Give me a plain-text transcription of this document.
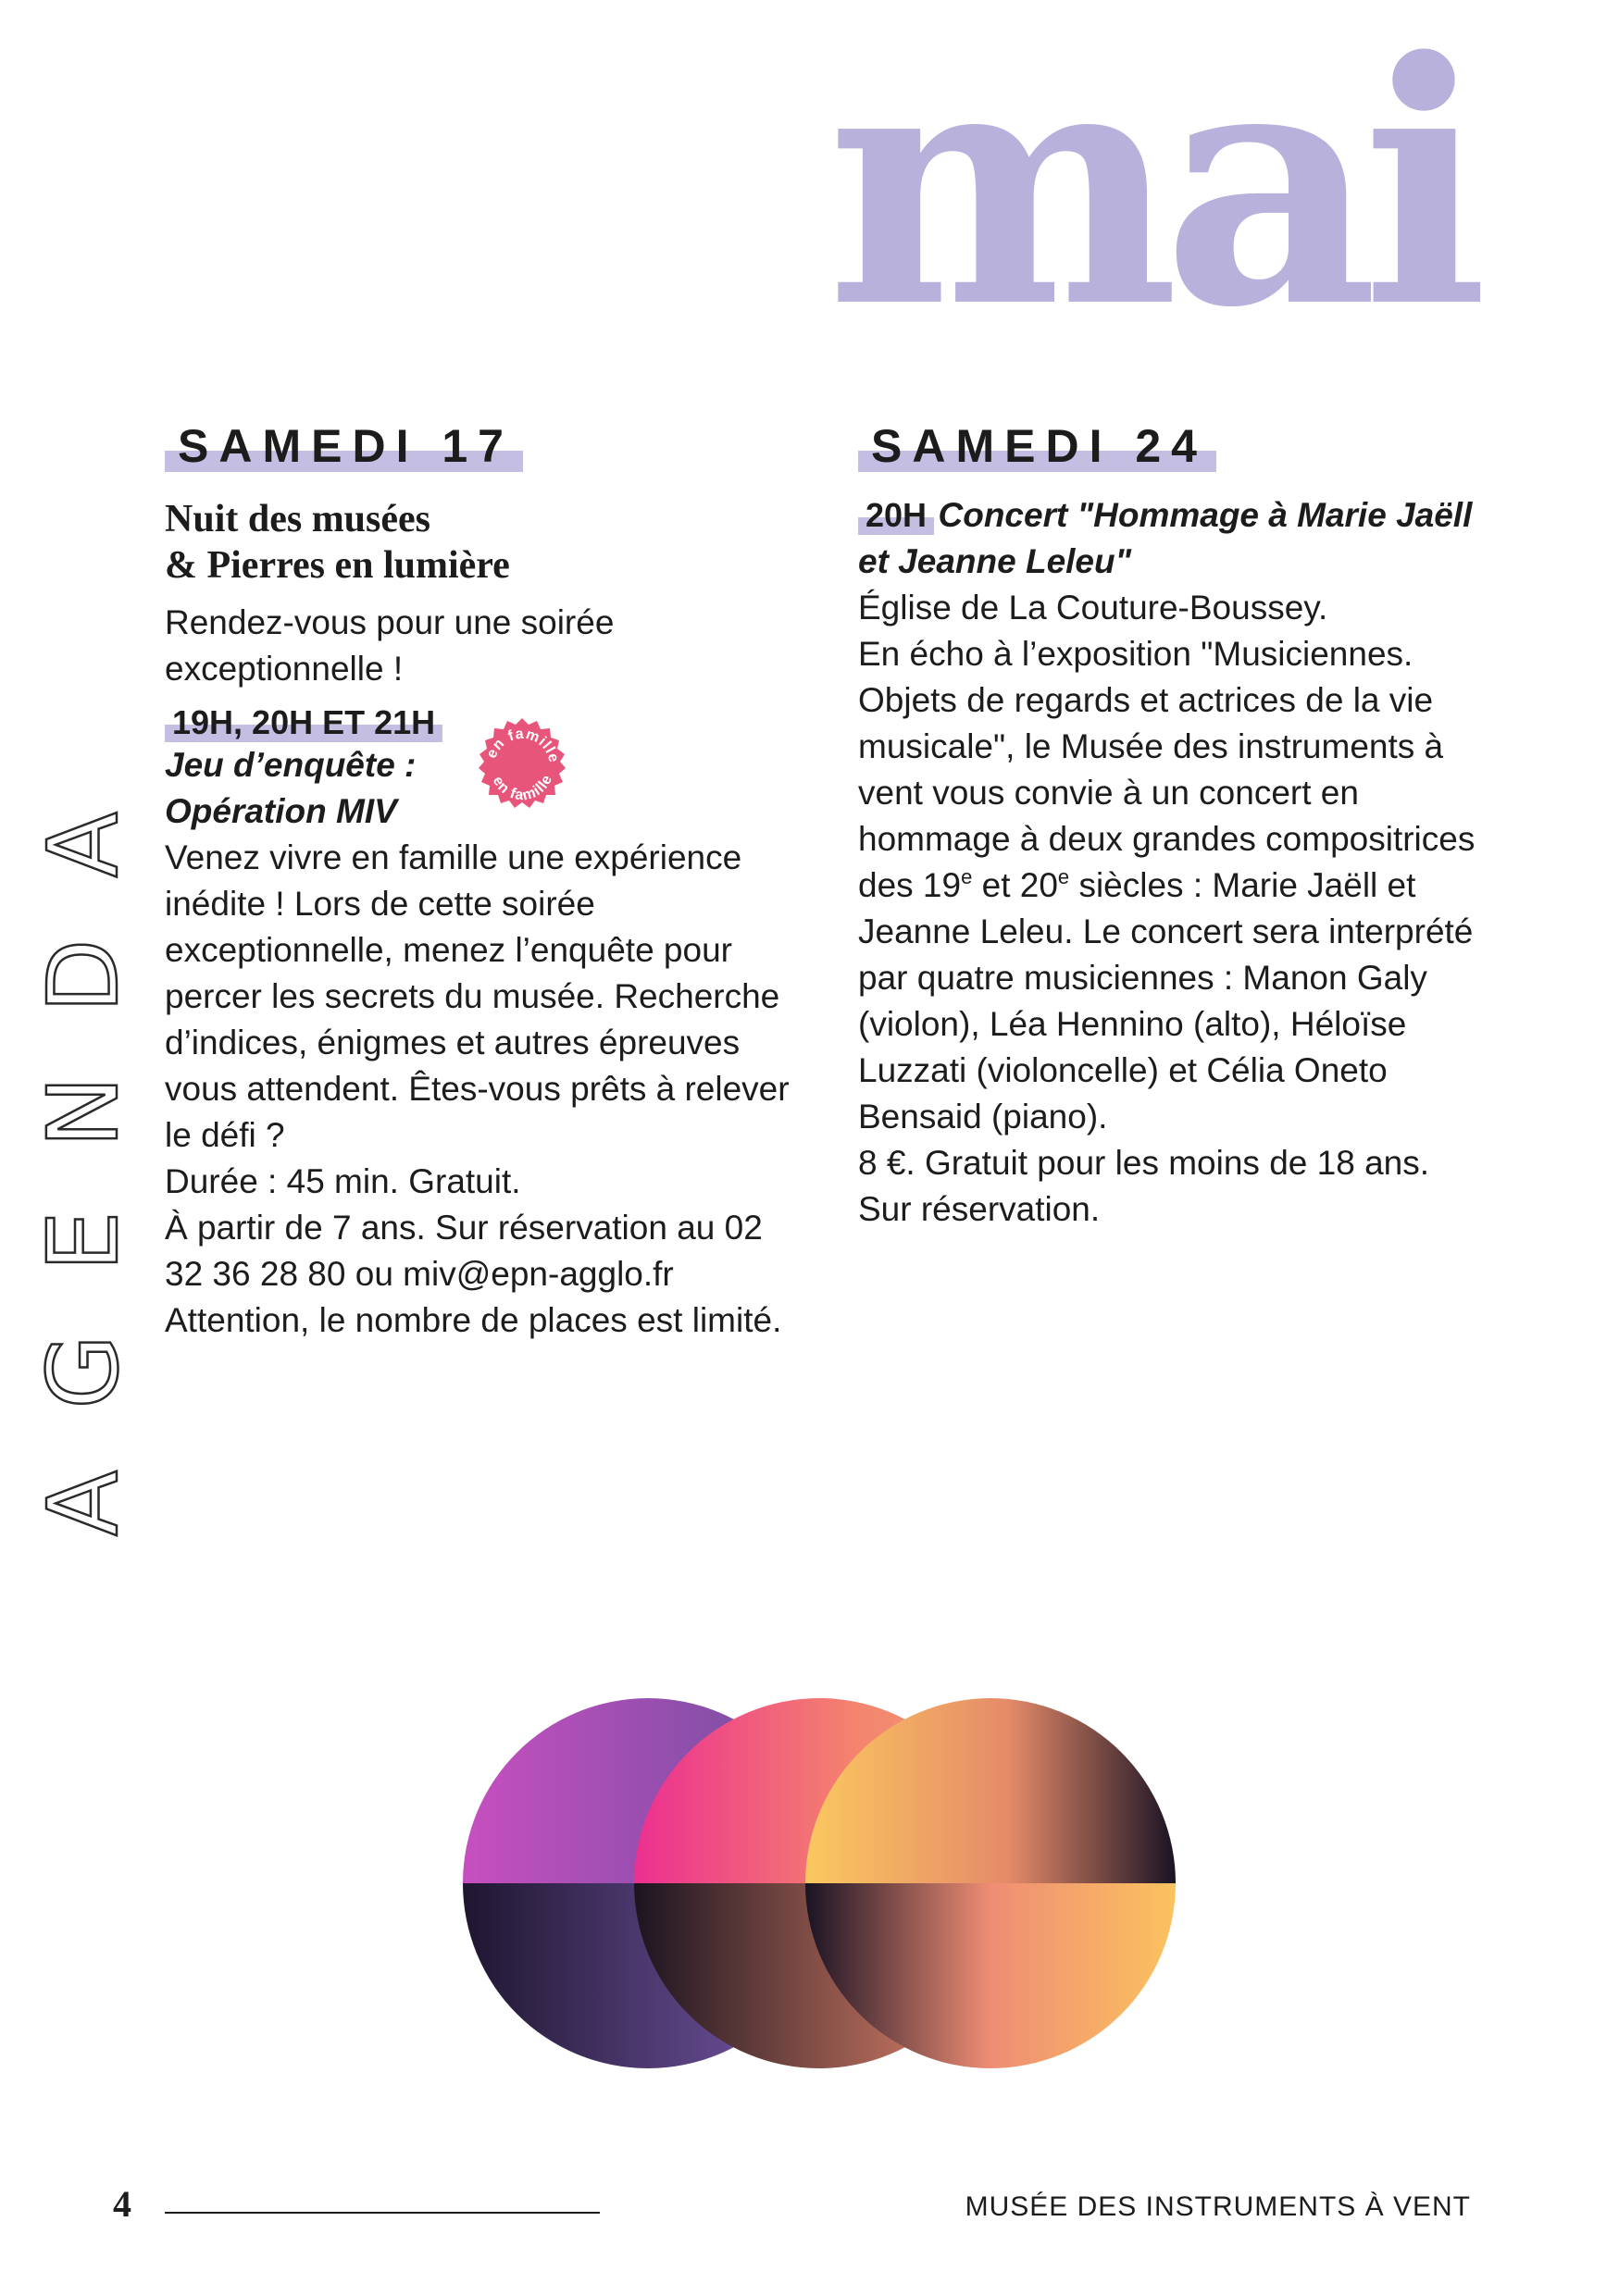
mai
AGENDA
SAMEDI 17
Nuit des musées
& Pierres en lumière
Rendez-vous pour une soirée exceptionnelle !
19H, 20H ET 21H
en famille
en famille
Jeu d’enquête :
Opération MIV
Venez vivre en famille une expérience inédite ! Lors de cette soirée exceptionnelle, menez l’enquête pour percer les secrets du musée. Recherche d’indices, énigmes et autres épreuves vous attendent. Êtes-vous prêts à relever le défi ?
Durée : 45 min. Gratuit.
À partir de 7 ans. Sur réservation au 02 32 36 28 80 ou miv@epn-agglo.fr
Attention, le nombre de places est limité.
SAMEDI 24
20H Concert "Hommage à Marie Jaëll et Jeanne Leleu"
Église de La Couture-Boussey.
En écho à l’exposition "Musiciennes. Objets de regards et actrices de la vie musicale", le Musée des instruments à vent vous convie à un concert en hommage à deux grandes compositrices des 19e et 20e siècles : Marie Jaëll et Jeanne Leleu. Le concert sera interprété par quatre musiciennes : Manon Galy (violon), Léa Hennino (alto), Héloïse Luzzati (violoncelle) et Célia Oneto Bensaid (piano).
8 €. Gratuit pour les moins de 18 ans.
Sur réservation.
4	MUSÉE DES INSTRUMENTS À VENT
